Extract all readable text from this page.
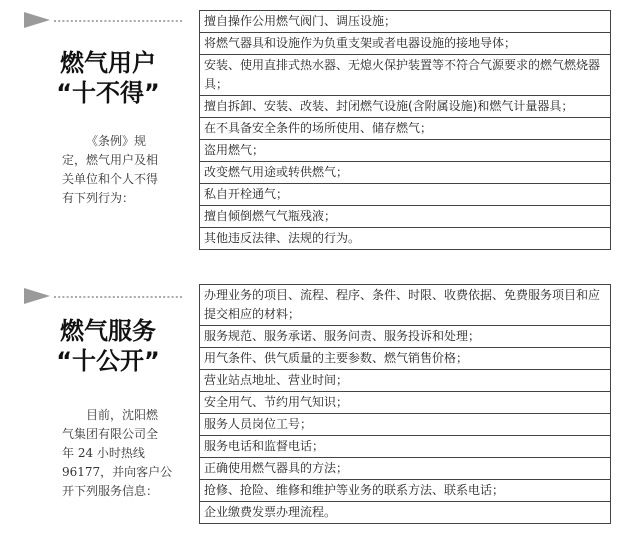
燃气用户
“十不得”
《条例》规
定，燃气用户及相
关单位和个人不得
有下列行为：
擅自操作公用燃气阀门、调压设施；
将燃气器具和设施作为负重支架或者电器设施的接地导体；
安装、使用直排式热水器、无熄火保护装置等不符合气源要求的燃气燃烧器具；
擅自拆卸、安装、改装、封闭燃气设施(含附属设施)和燃气计量器具；
在不具备安全条件的场所使用、储存燃气；
盗用燃气；
改变燃气用途或转供燃气；
私自开栓通气；
擅自倾倒燃气气瓶残液；
其他违反法律、法规的行为。
燃气服务
“十公开”
目前，沈阳燃
气集团有限公司全
年 24 小时热线
96177，并向客户公
开下列服务信息：
办理业务的项目、流程、程序、条件、时限、收费依据、免费服务项目和应提交相应的材料；
服务规范、服务承诺、服务问责、服务投诉和处理；
用气条件、供气质量的主要参数、燃气销售价格；
营业站点地址、营业时间；
安全用气、节约用气知识；
服务人员岗位工号；
服务电话和监督电话；
正确使用燃气器具的方法；
抢修、抢险、维修和维护等业务的联系方法、联系电话；
企业缴费发票办理流程。
